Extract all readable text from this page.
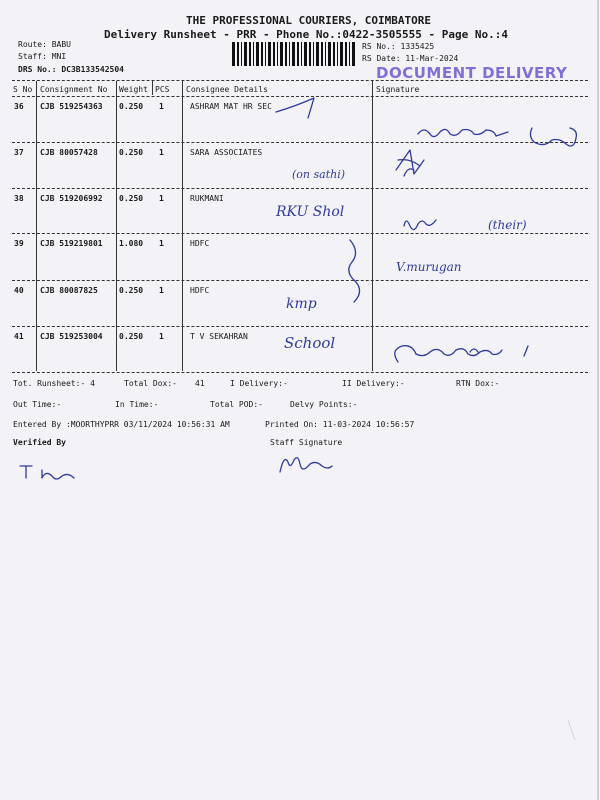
THE PROFESSIONAL COURIERS, COIMBATORE
Delivery Runsheet - PRR - Phone No.:0422-3505555 - Page No.:4
Route: BABU
Staff: MNI
DRS No.: DC3B133542504
RS No.: 1335425
RS Date: 11-Mar-2024
DOCUMENT DELIVERY
S No Consignment No Weight PCS Consignee Details	Signature
36 CJB 519254363 0.250 1	ASHRAM MAT HR SEC
37 CJB 80057428	0.250 1	SARA ASSOCIATES
(on sathi)
38 CJB 519206992 0.250 1	RUKMANI
RKU Shol
(their)
39 CJB 519219801 1.080 1	HDFC
V.murugan
40 CJB 80087825	0.250 1	HDFC
kmp
41 CJB 519253004 0.250 1	T V SEKAHRAN School
Tot. Runsheet:- 4	Total Dox:- 41	I Delivery:-	II Delivery:-	RTN Dox:-
Out Time:-	In Time:-	Total POD:-	Delvy Points:-
Entered By :MOORTHYPRR 03/11/2024 10:56:31 AM	Printed On: 11-03-2024 10:56:57
Verified By	Staff Signature
